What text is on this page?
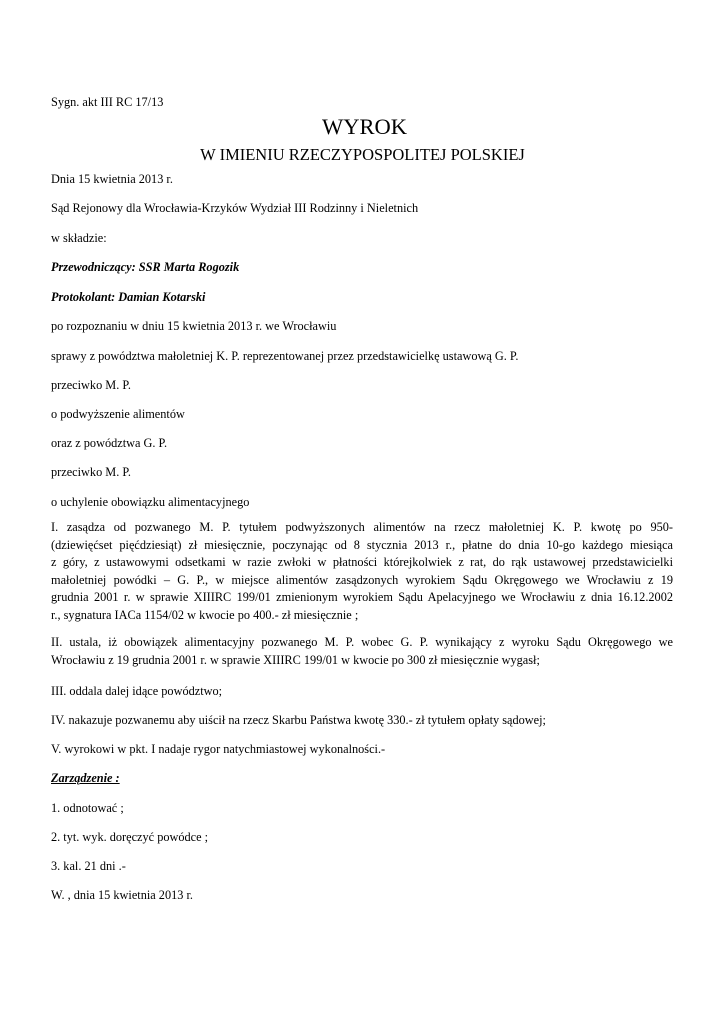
Sygn. akt III RC 17/13
WYROK
W IMIENIU RZECZYPOSPOLITEJ POLSKIEJ
Dnia 15 kwietnia 2013 r.
Sąd Rejonowy dla Wrocławia-Krzyków Wydział III Rodzinny i Nieletnich
w składzie:
Przewodniczący: SSR Marta Rogozik
Protokolant: Damian Kotarski
po rozpoznaniu w dniu 15 kwietnia 2013 r. we Wrocławiu
sprawy z powództwa małoletniej K. P. reprezentowanej przez przedstawicielkę ustawową G. P.
przeciwko M. P.
o podwyższenie alimentów
oraz z powództwa G. P.
przeciwko M. P.
o uchylenie obowiązku alimentacyjnego
I. zasądza od pozwanego M. P. tytułem podwyższonych alimentów na rzecz małoletniej K. P. kwotę po 950-
(dziewięćset pięćdziesiąt) zł miesięcznie, poczynając od 8 stycznia 2013 r., płatne do dnia 10-go każdego miesiąca
z góry, z ustawowymi odsetkami w razie zwłoki w płatności którejkolwiek z rat, do rąk ustawowej przedstawicielki
małoletniej powódki – G. P., w miejsce alimentów zasądzonych wyrokiem Sądu Okręgowego we Wrocławiu z 19
grudnia 2001 r. w sprawie XIIIRC 199/01 zmienionym wyrokiem Sądu Apelacyjnego we Wrocławiu z dnia 16.12.2002
r., sygnatura IACa 1154/02 w kwocie po 400.- zł miesięcznie ;
II. ustala, iż obowiązek alimentacyjny pozwanego M. P. wobec G. P. wynikający z wyroku Sądu Okręgowego we
Wrocławiu z 19 grudnia 2001 r. w sprawie XIIIRC 199/01 w kwocie po 300 zł miesięcznie wygasł;
III. oddala dalej idące powództwo;
IV. nakazuje pozwanemu aby uiścił na rzecz Skarbu Państwa kwotę 330.- zł tytułem opłaty sądowej;
V. wyrokowi w pkt. I nadaje rygor natychmiastowej wykonalności.-
Zarządzenie :
1. odnotować ;
2. tyt. wyk. doręczyć powódce ;
3. kal. 21 dni .-
W. , dnia 15 kwietnia 2013 r.
